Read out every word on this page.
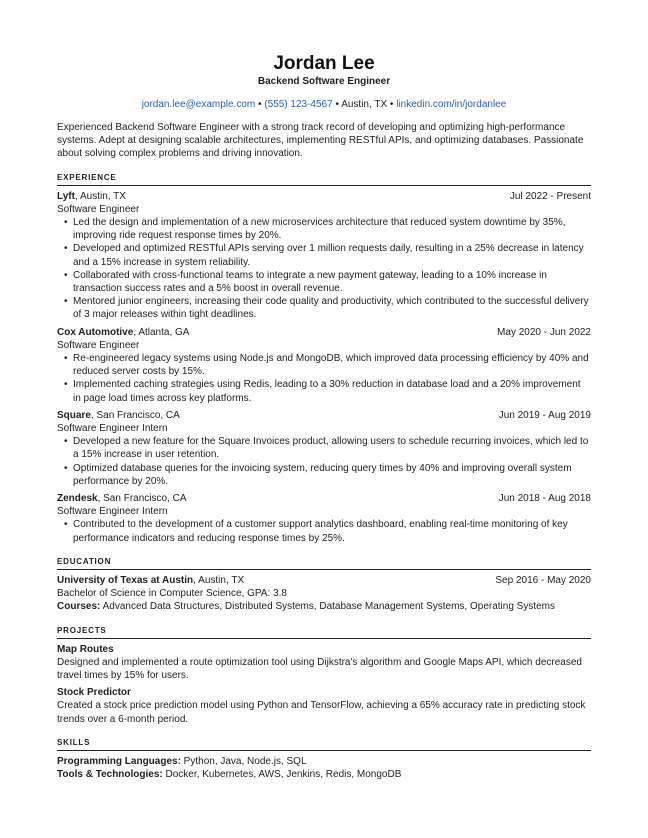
Jordan Lee
Backend Software Engineer
jordan.lee@example.com • (555) 123-4567 • Austin, TX • linkedin.com/in/jordanlee
Experienced Backend Software Engineer with a strong track record of developing and optimizing high-performance systems. Adept at designing scalable architectures, implementing RESTful APIs, and optimizing databases. Passionate about solving complex problems and driving innovation.
EXPERIENCE
Lyft, Austin, TX	Jul 2022 - Present
Software Engineer
• Led the design and implementation of a new microservices architecture that reduced system downtime by 35%, improving ride request response times by 20%.
• Developed and optimized RESTful APIs serving over 1 million requests daily, resulting in a 25% decrease in latency and a 15% increase in system reliability.
• Collaborated with cross-functional teams to integrate a new payment gateway, leading to a 10% increase in transaction success rates and a 5% boost in overall revenue.
• Mentored junior engineers, increasing their code quality and productivity, which contributed to the successful delivery of 3 major releases within tight deadlines.
Cox Automotive, Atlanta, GA	May 2020 - Jun 2022
Software Engineer
• Re-engineered legacy systems using Node.js and MongoDB, which improved data processing efficiency by 40% and reduced server costs by 15%.
• Implemented caching strategies using Redis, leading to a 30% reduction in database load and a 20% improvement in page load times across key platforms.
Square, San Francisco, CA	Jun 2019 - Aug 2019
Software Engineer Intern
• Developed a new feature for the Square Invoices product, allowing users to schedule recurring invoices, which led to a 15% increase in user retention.
• Optimized database queries for the invoicing system, reducing query times by 40% and improving overall system performance by 20%.
Zendesk, San Francisco, CA	Jun 2018 - Aug 2018
Software Engineer Intern
• Contributed to the development of a customer support analytics dashboard, enabling real-time monitoring of key performance indicators and reducing response times by 25%.
EDUCATION
University of Texas at Austin, Austin, TX	Sep 2016 - May 2020
Bachelor of Science in Computer Science, GPA: 3.8
Courses: Advanced Data Structures, Distributed Systems, Database Management Systems, Operating Systems
PROJECTS
Map Routes
Designed and implemented a route optimization tool using Dijkstra's algorithm and Google Maps API, which decreased travel times by 15% for users.
Stock Predictor
Created a stock price prediction model using Python and TensorFlow, achieving a 65% accuracy rate in predicting stock trends over a 6-month period.
SKILLS
Programming Languages: Python, Java, Node.js, SQL
Tools & Technologies: Docker, Kubernetes, AWS, Jenkins, Redis, MongoDB
